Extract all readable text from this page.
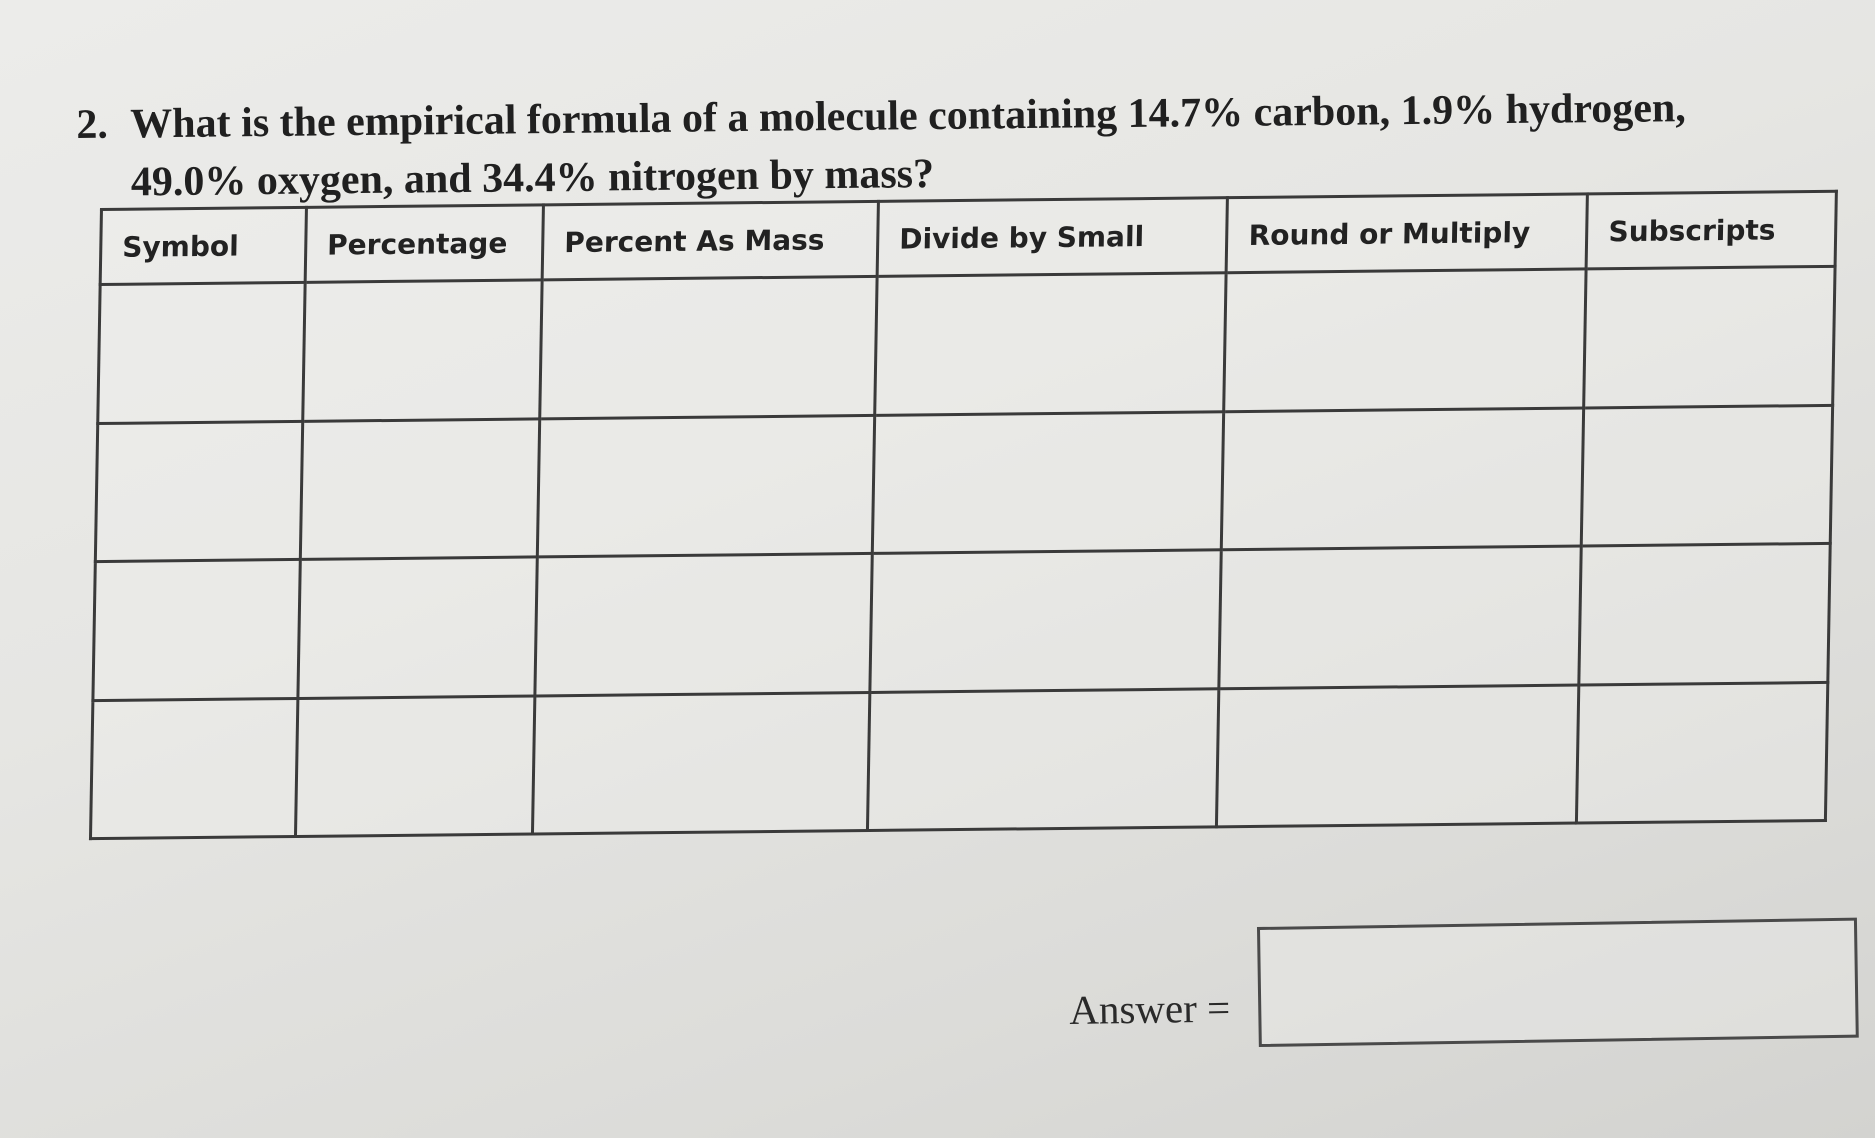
2. What is the empirical formula of a molecule containing 14.7% carbon, 1.9% hydrogen, 49.0% oxygen, and 34.4% nitrogen by mass?
Symbol	Percentage	Percent As Mass	Divide by Small	Round or Multiply	Subscripts

Answer =
